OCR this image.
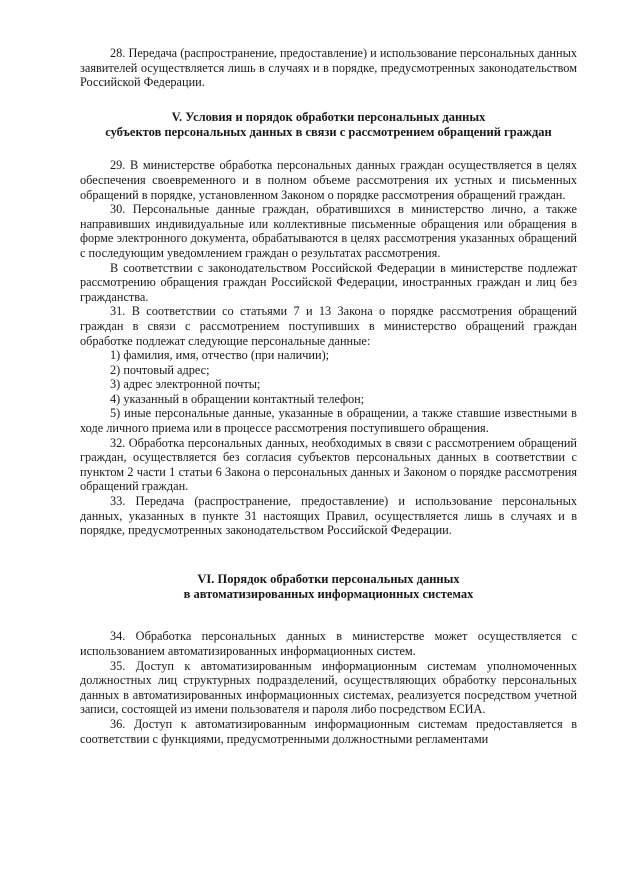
28. Передача (распространение, предоставление) и использование персональных данных заявителей осуществляется лишь в случаях и в порядке, предусмотренных законодательством Российской Федерации.

V. Условия и порядок обработки персональных данных

субъектов персональных данных в связи с рассмотрением обращений граждан

29. В министерстве обработка персональных данных граждан осуществляется в целях обеспечения своевременного и в полном объеме рассмотрения их устных и письменных обращений в порядке, установленном Законом о порядке рассмотрения обращений граждан.

30. Персональные данные граждан, обратившихся в министерство лично, а также направивших индивидуальные или коллективные письменные обращения или обращения в форме электронного документа, обрабатываются в целях рассмотрения указанных обращений с последующим уведомлением граждан о результатах рассмотрения.

В соответствии с законодательством Российской Федерации в министерстве подлежат рассмотрению обращения граждан Российской Федерации, иностранных граждан и лиц без гражданства.

31. В соответствии со статьями 7 и 13 Закона о порядке рассмотрения обращений граждан в связи с рассмотрением поступивших в министерство обращений граждан обработке подлежат следующие персональные данные:

1) фамилия, имя, отчество (при наличии);

2) почтовый адрес;

3) адрес электронной почты;

4) указанный в обращении контактный телефон;

5) иные персональные данные, указанные в обращении, а также ставшие известными в ходе личного приема или в процессе рассмотрения поступившего обращения.

32. Обработка персональных данных, необходимых в связи с рассмотрением обращений граждан, осуществляется без согласия субъектов персональных данных в соответствии с пунктом 2 части 1 статьи 6 Закона о персональных данных и Законом о порядке рассмотрения обращений граждан.

33. Передача (распространение, предоставление) и использование персональных данных, указанных в пункте 31 настоящих Правил, осуществляется лишь в случаях и в порядке, предусмотренных законодательством Российской Федерации.

VI. Порядок обработки персональных данных

в автоматизированных информационных системах

34. Обработка персональных данных в министерстве может осуществляется с использованием автоматизированных информационных систем.

35. Доступ к автоматизированным информационным системам уполномоченных должностных лиц структурных подразделений, осуществляющих обработку персональных данных в автоматизированных информационных системах, реализуется посредством учетной записи, состоящей из имени пользователя и пароля либо посредством ЕСИА.

36. Доступ к автоматизированным информационным системам предоставляется в соответствии с функциями, предусмотренными должностными регламентами
